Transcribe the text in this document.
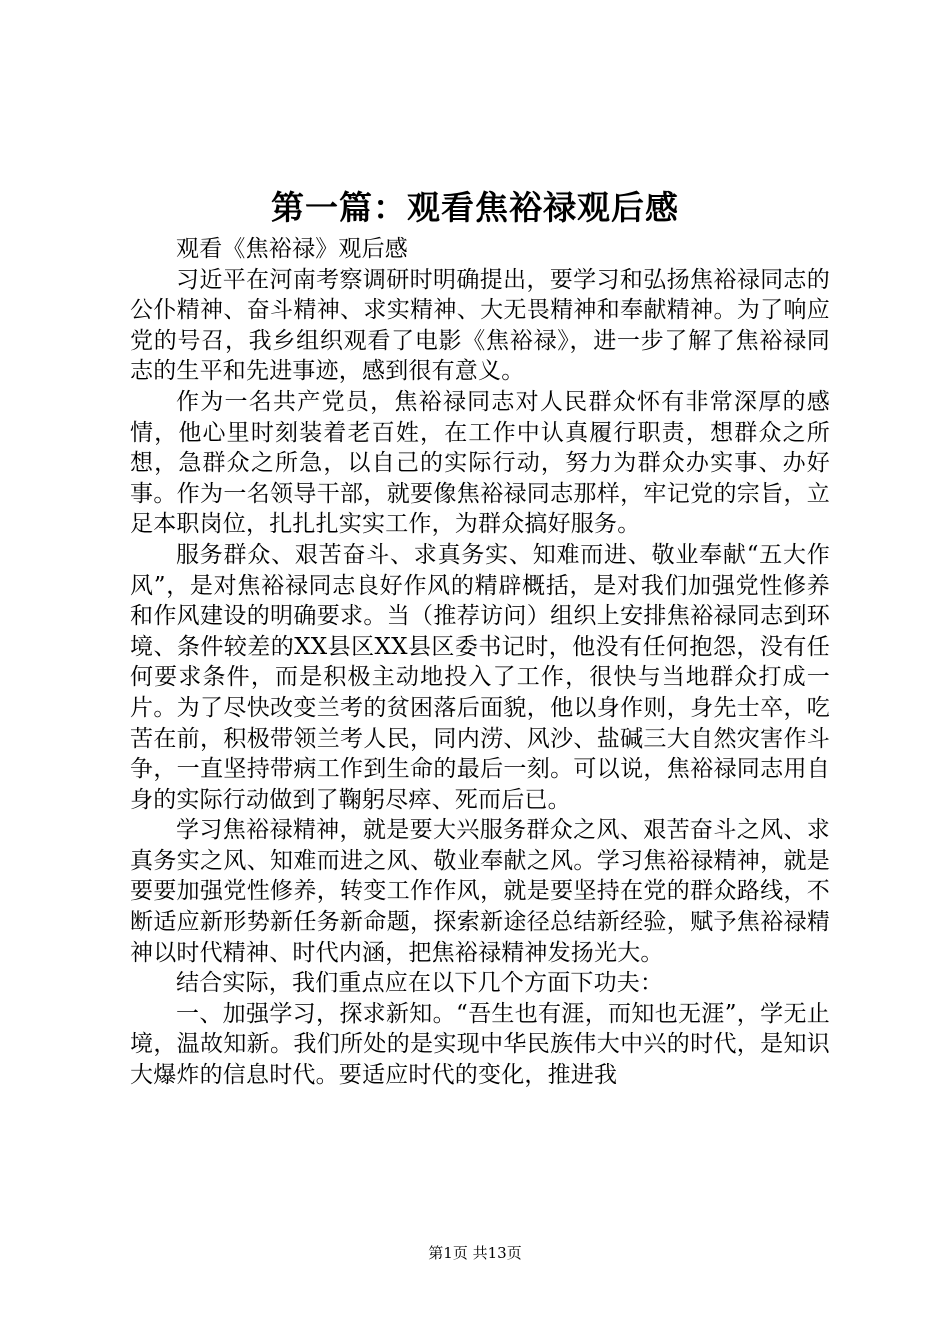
第一篇：观看焦裕禄观后感

观看《焦裕禄》观后感

习近平在河南考察调研时明确提出，要学习和弘扬焦裕禄同志的公仆精神、奋斗精神、求实精神、大无畏精神和奉献精神。为了响应党的号召，我乡组织观看了电影《焦裕禄》，进一步了解了焦裕禄同志的生平和先进事迹，感到很有意义。

作为一名共产党员，焦裕禄同志对人民群众怀有非常深厚的感情，他心里时刻装着老百姓，在工作中认真履行职责，想群众之所想，急群众之所急，以自己的实际行动，努力为群众办实事、办好事。作为一名领导干部，就要像焦裕禄同志那样，牢记党的宗旨，立足本职岗位，扎扎扎实实工作，为群众搞好服务。

服务群众、艰苦奋斗、求真务实、知难而进、敬业奉献“五大作风”，是对焦裕禄同志良好作风的精辟概括，是对我们加强党性修养和作风建设的明确要求。当（推荐访问）组织上安排焦裕禄同志到环境、条件较差的XX县区XX县区委书记时，他没有任何抱怨，没有任何要求条件，而是积极主动地投入了工作，很快与当地群众打成一片。为了尽快改变兰考的贫困落后面貌，他以身作则，身先士卒，吃苦在前，积极带领兰考人民，同内涝、风沙、盐碱三大自然灾害作斗争，一直坚持带病工作到生命的最后一刻。可以说，焦裕禄同志用自身的实际行动做到了鞠躬尽瘁、死而后已。

学习焦裕禄精神，就是要大兴服务群众之风、艰苦奋斗之风、求真务实之风、知难而进之风、敬业奉献之风。学习焦裕禄精神，就是要要加强党性修养，转变工作作风，就是要坚持在党的群众路线，不断适应新形势新任务新命题，探索新途径总结新经验，赋予焦裕禄精神以时代精神、时代内涵，把焦裕禄精神发扬光大。

结合实际，我们重点应在以下几个方面下功夫：

一、加强学习，探求新知。“吾生也有涯，而知也无涯”，学无止境，温故知新。我们所处的是实现中华民族伟大中兴的时代，是知识大爆炸的信息时代。要适应时代的变化，推进我

第1页 共13页
